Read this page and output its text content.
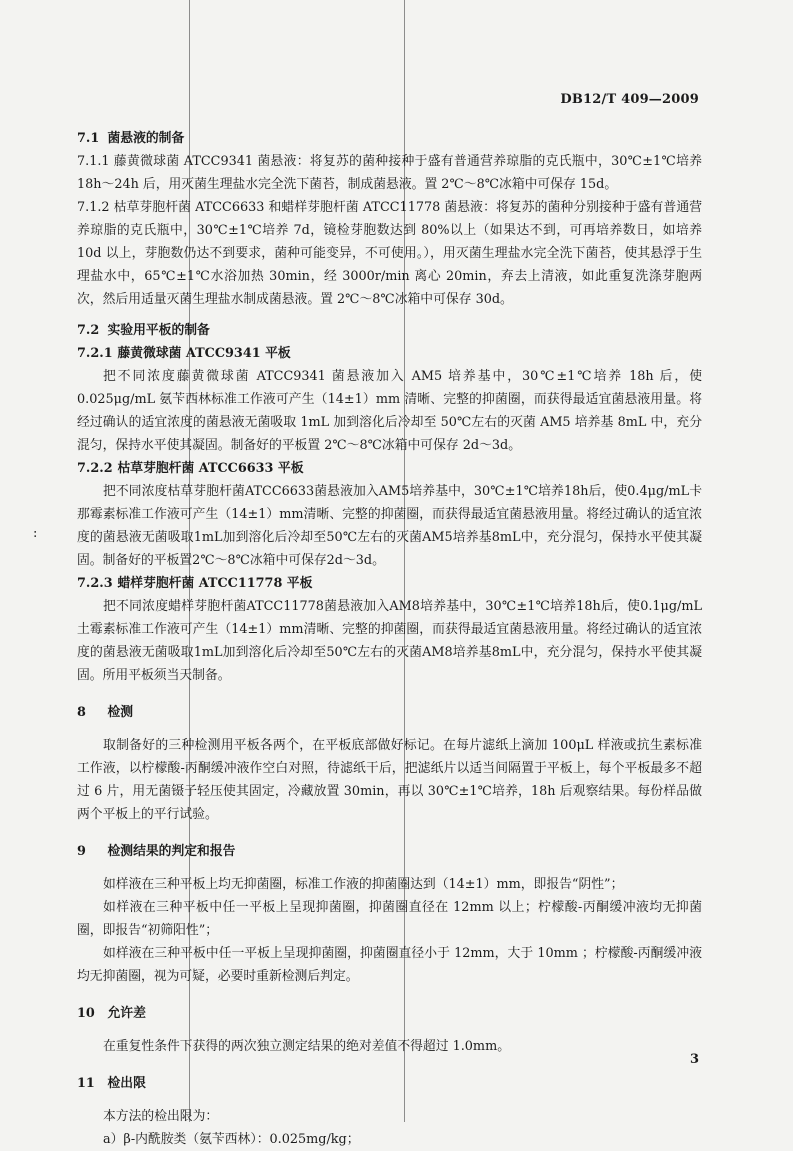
DB12/T 409—2009
:
7.1 菌悬液的制备

7.1.1 藤黄微球菌 ATCC9341 菌悬液：将复苏的菌种接种于盛有普通营养琼脂的克氏瓶中，30℃±1℃培养 18h～24h 后，用灭菌生理盐水完全洗下菌苔，制成菌悬液。置 2℃～8℃冰箱中可保存 15d。

7.1.2 枯草芽胞杆菌 ATCC6633 和蜡样芽胞杆菌 ATCC11778 菌悬液：将复苏的菌种分别接种于盛有普通营养琼脂的克氏瓶中，30℃±1℃培养 7d，镜检芽胞数达到 80%以上（如果达不到，可再培养数日，如培养 10d 以上，芽胞数仍达不到要求，菌种可能变异，不可使用。），用灭菌生理盐水完全洗下菌苔，使其悬浮于生理盐水中，65℃±1℃水浴加热 30min，经 3000r/min 离心 20min，弃去上清液，如此重复洗涤芽胞两次，然后用适量灭菌生理盐水制成菌悬液。置 2℃～8℃冰箱中可保存 30d。

7.2 实验用平板的制备
7.2.1 藤黄微球菌 ATCC9341 平板

把不同浓度藤黄微球菌 ATCC9341 菌悬液加入 AM5 培养基中，30℃±1℃培养 18h 后，使 0.025μg/mL 氨苄西林标准工作液可产生（14±1）mm 清晰、完整的抑菌圈，而获得最适宜菌悬液用量。将经过确认的适宜浓度的菌悬液无菌吸取 1mL 加到溶化后冷却至 50℃左右的灭菌 AM5 培养基 8mL 中，充分混匀，保持水平使其凝固。制备好的平板置 2℃～8℃冰箱中可保存 2d～3d。

7.2.2 枯草芽胞杆菌 ATCC6633 平板

把不同浓度枯草芽胞杆菌ATCC6633菌悬液加入AM5培养基中，30℃±1℃培养18h后，使0.4μg/mL卡那霉素标准工作液可产生（14±1）mm清晰、完整的抑菌圈，而获得最适宜菌悬液用量。将经过确认的适宜浓度的菌悬液无菌吸取1mL加到溶化后冷却至50℃左右的灭菌AM5培养基8mL中，充分混匀，保持水平使其凝固。制备好的平板置2℃～8℃冰箱中可保存2d～3d。

7.2.3 蜡样芽胞杆菌 ATCC11778 平板

把不同浓度蜡样芽胞杆菌ATCC11778菌悬液加入AM8培养基中，30℃±1℃培养18h后，使0.1μg/mL土霉素标准工作液可产生（14±1）mm清晰、完整的抑菌圈，而获得最适宜菌悬液用量。将经过确认的适宜浓度的菌悬液无菌吸取1mL加到溶化后冷却至50℃左右的灭菌AM8培养基8mL中，充分混匀，保持水平使其凝固。所用平板须当天制备。

8 检测

取制备好的三种检测用平板各两个，在平板底部做好标记。在每片滤纸上滴加 100μL 样液或抗生素标准工作液，以柠檬酸-丙酮缓冲液作空白对照，待滤纸干后，把滤纸片以适当间隔置于平板上，每个平板最多不超过 6 片，用无菌镊子轻压使其固定，冷藏放置 30min，再以 30℃±1℃培养，18h 后观察结果。每份样品做两个平板上的平行试验。

9 检测结果的判定和报告

如样液在三种平板上均无抑菌圈，标准工作液的抑菌圈达到（14±1）mm，即报告“阴性”；

如样液在三种平板中任一平板上呈现抑菌圈，抑菌圈直径在 12mm 以上；柠檬酸-丙酮缓冲液均无抑菌圈，即报告“初筛阳性”；

如样液在三种平板中任一平板上呈现抑菌圈，抑菌圈直径小于 12mm，大于 10mm ；柠檬酸-丙酮缓冲液均无抑菌圈，视为可疑，必要时重新检测后判定。

10 允许差

在重复性条件下获得的两次独立测定结果的绝对差值不得超过 1.0mm。

11 检出限

本方法的检出限为：

a）β-内酰胺类（氨苄西林）：0.025mg/kg；

3
